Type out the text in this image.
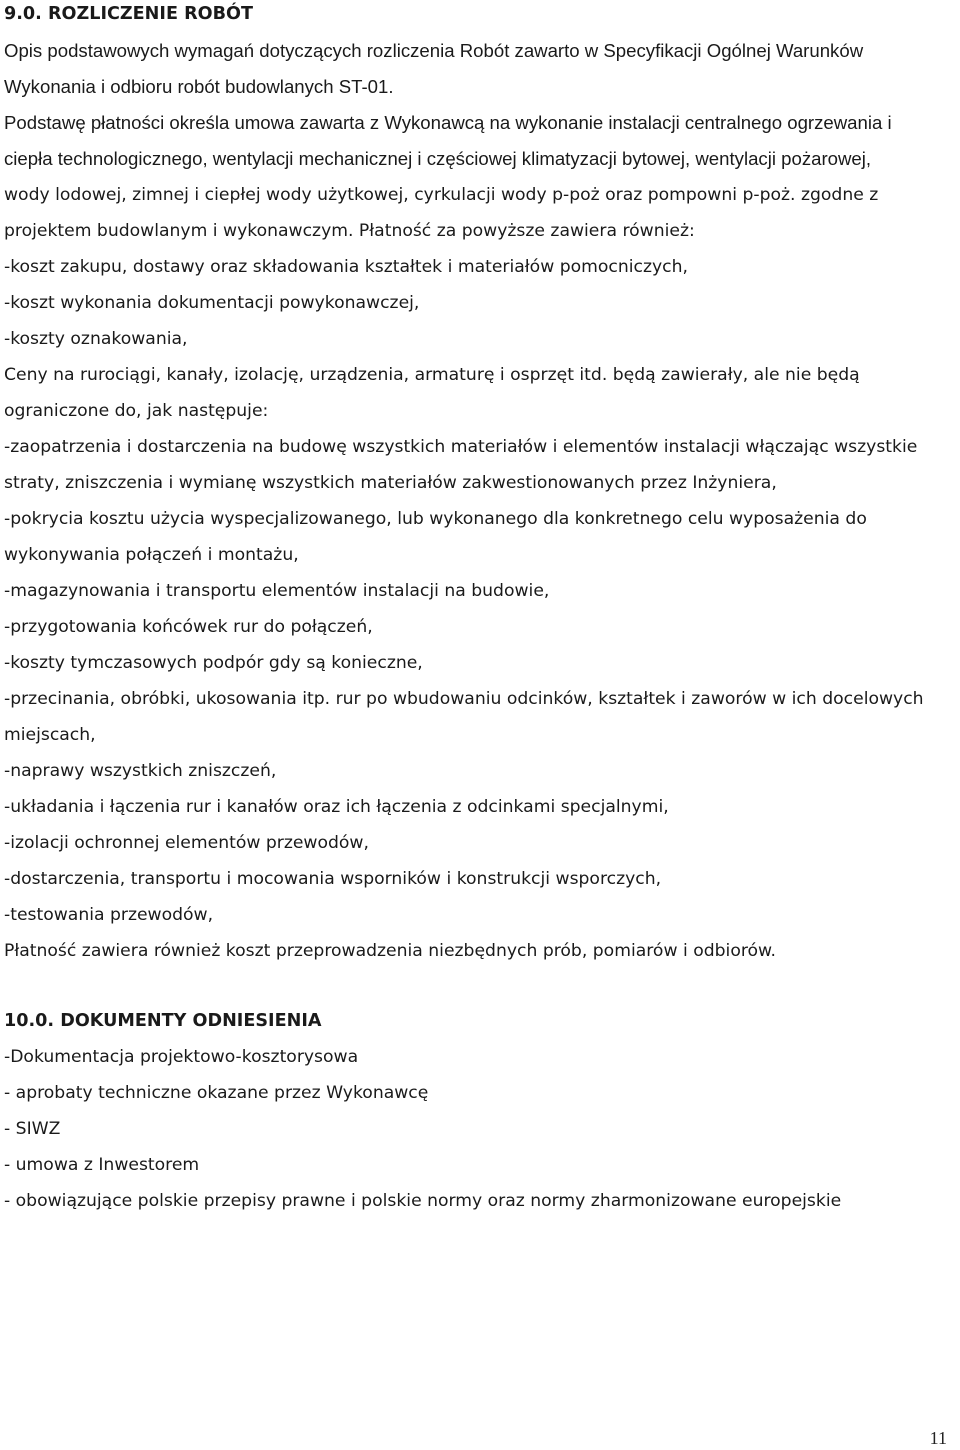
9.0. ROZLICZENIE ROBÓT
Opis podstawowych wymagań dotyczących rozliczenia Robót zawarto w Specyfikacji Ogólnej Warunków
Wykonania i odbioru robót budowlanych ST-01.
Podstawę płatności określa umowa zawarta z Wykonawcą na wykonanie instalacji centralnego ogrzewania i
ciepła technologicznego, wentylacji mechanicznej i częściowej klimatyzacji bytowej, wentylacji pożarowej,
wody lodowej, zimnej i ciepłej wody użytkowej, cyrkulacji wody p-poż oraz pompowni p-poż. zgodne z
projektem budowlanym i wykonawczym. Płatność za powyższe zawiera również:
-koszt zakupu, dostawy oraz składowania kształtek i materiałów pomocniczych,
-koszt wykonania dokumentacji powykonawczej,
-koszty oznakowania,
Ceny na rurociągi, kanały, izolację, urządzenia, armaturę i osprzęt itd. będą zawierały, ale nie będą
ograniczone do, jak następuje:
-zaopatrzenia i dostarczenia na budowę wszystkich materiałów i elementów instalacji włączając wszystkie
straty, zniszczenia i wymianę wszystkich materiałów zakwestionowanych przez Inżyniera,
-pokrycia kosztu użycia wyspecjalizowanego, lub wykonanego dla konkretnego celu wyposażenia do
wykonywania połączeń i montażu,
-magazynowania i transportu elementów instalacji na budowie,
-przygotowania końcówek rur do połączeń,
-koszty tymczasowych podpór gdy są konieczne,
-przecinania, obróbki, ukosowania itp. rur po wbudowaniu odcinków, kształtek i zaworów w ich docelowych
miejscach,
-naprawy wszystkich zniszczeń,
-układania i łączenia rur i kanałów oraz ich łączenia z odcinkami specjalnymi,
-izolacji ochronnej elementów przewodów,
-dostarczenia, transportu i mocowania wsporników i konstrukcji wsporczych,
-testowania przewodów,
Płatność zawiera również koszt przeprowadzenia niezbędnych prób, pomiarów i odbiorów.
10.0. DOKUMENTY ODNIESIENIA
-Dokumentacja projektowo-kosztorysowa
- aprobaty techniczne okazane przez Wykonawcę
- SIWZ
- umowa z Inwestorem
- obowiązujące polskie przepisy prawne i polskie normy oraz normy zharmonizowane europejskie
11
